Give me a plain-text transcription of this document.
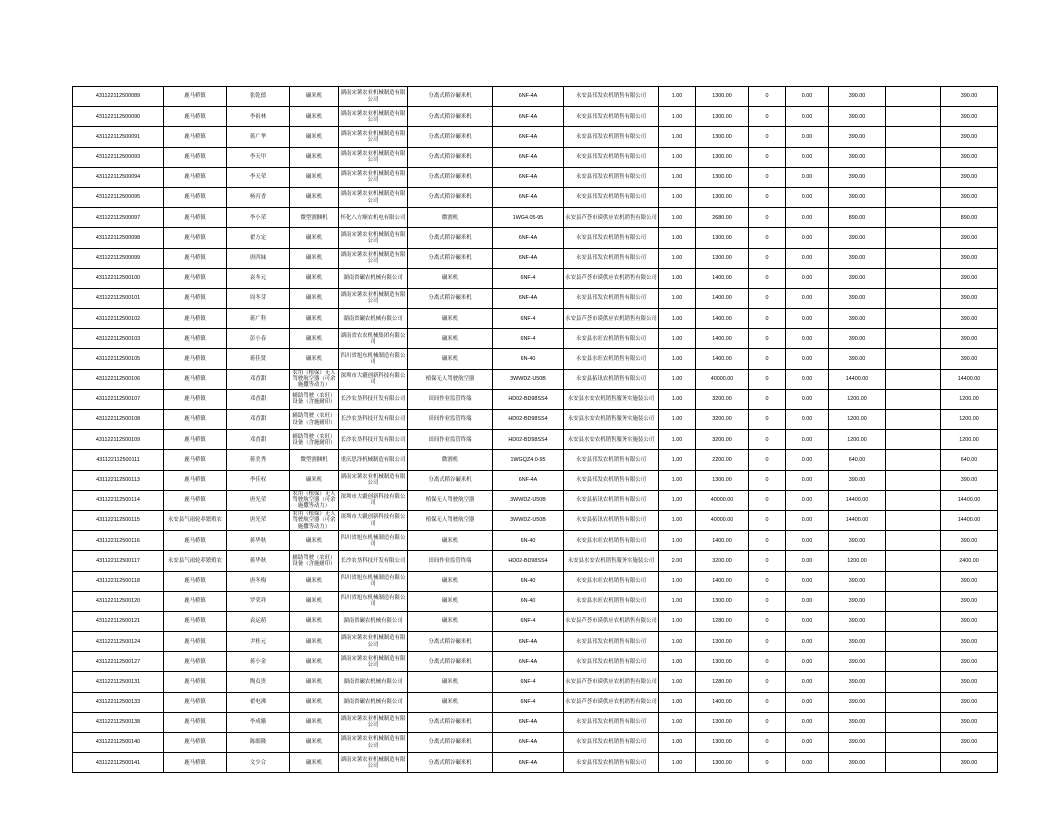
431122112500089	鹿马桥镇	张乾德	碾米机	湖南宋薯农业机械制造有限公司	分离式稻谷碾米机	6NF-4A	永安县邗发农机销售有限公司	1.00	1300.00	0	0.00	390.00		390.00
431122112500090	鹿马桥镇	李祖林	碾米机	湖南宋薯农业机械制造有限公司	分离式稻谷碾米机	6NF-4A	永安县邗发农机销售有限公司	1.00	1300.00	0	0.00	390.00		390.00
431122112500091	鹿马桥镇	蒋广华	碾米机	湖南宋薯农业机械制造有限公司	分离式稻谷碾米机	6NF-4A	永安县邗发农机销售有限公司	1.00	1300.00	0	0.00	390.00		390.00
431122112500093	鹿马桥镇	李天甲	碾米机	湖南宋薯农业机械制造有限公司	分离式稻谷碾米机	6NF-4A	永安县邗发农机销售有限公司	1.00	1300.00	0	0.00	390.00		390.00
431122112500094	鹿马桥镇	李天荣	碾米机	湖南宋薯农业机械制造有限公司	分离式稻谷碾米机	6NF-4A	永安县邗发农机销售有限公司	1.00	1300.00	0	0.00	390.00		390.00
431122112500095	鹿马桥镇	杨丙香	碾米机	湖南宋薯农业机械制造有限公司	分离式稻谷碾米机	6NF-4A	永安县邗发农机销售有限公司	1.00	1300.00	0	0.00	390.00		390.00
431122112500097	鹿马桥镇	李小荣	微型割捆机	怀化八方顺农机电有限公司	微割机	1WG4.05-95	永安县芦荟市谟供应农机销售有限公司	1.00	2680.00	0	0.00	890.00		890.00
431122112500098	鹿马桥镇	翟方定	碾米机	湖南宋薯农业机械制造有限公司	分离式稻谷碾米机	6NF-4A	永安县邗发农机销售有限公司	1.00	1300.00	0	0.00	390.00		390.00
431122112500099	鹿马桥镇	唐四妹	碾米机	湖南宋薯农业机械制造有限公司	分离式稻谷碾米机	6NF-4A	永安县邗发农机销售有限公司	1.00	1300.00	0	0.00	390.00		390.00
431122112500100	鹿马桥镇	袁冬元	碾米机	湖南省碾农机械有限公司	碾米机	6NF-4	永安县芦荟市谟供应农机销售有限公司	1.00	1400.00	0	0.00	390.00		390.00
431122112500101	鹿马桥镇	周冬芽	碾米机	湖南宋薯农业机械制造有限公司	分离式稻谷碾米机	6NF-4A	永安县邗发农机销售有限公司	1.00	1400.00	0	0.00	390.00		390.00
431122112500102	鹿马桥镇	蒋广科	碾米机	湖南省碾农机械有限公司	碾米机	6NF-4	永安县芦荟市谟供应农机销售有限公司	1.00	1400.00	0	0.00	390.00		390.00
431122112500103	鹿马桥镇	彭小春	碾米机	湖南省农农机械集团有限公司	碾米机	6NF-4	永安县水旺农机销售有限公司	1.00	1400.00	0	0.00	390.00		390.00
431122112500105	鹿马桥镇	蒋佳贤	碾米机	四川省旭东机械制造有限公司	碾米机	6N-40	永安县水旺农机销售有限公司	1.00	1400.00	0	0.00	390.00		390.00
431122112500106	鹿马桥镇	邓香甜	农用（植保）无人驾驶航空器（可余施撒等动力）	深圳市大疆创新科技有限公司	植保无人驾驶航空器	3WWDZ-U50B	永安县拓讯农机销售有限公司	1.00	40000.00	0	0.00	14400.00		14400.00
431122112500107	鹿马桥镇	邓香甜	辅助驾驶（农旺）设备（含施耐印）	长沙农垦科技开发有限公司	田间作业监管终端	HD02-BD98SS4	永安县水安农机销售服务实施装公司	1.00	3200.00	0	0.00	1200.00		1200.00
431122112500108	鹿马桥镇	邓香甜	辅助驾驶（农旺）设备（含施耐印）	长沙农垦科技开发有限公司	田间作业监管终端	HD02-BD98SS4	永安县水安农机销售服务实施装公司	1.00	3200.00	0	0.00	1200.00		1200.00
431122112500109	鹿马桥镇	邓香甜	辅助驾驶（农旺）设备（含施耐印）	长沙农垦科技开发有限公司	田间作业监管终端	HD02-BD98SS4	永安县水安农机销售服务实施装公司	1.00	3200.00	0	0.00	1200.00		1200.00
431122112500111	鹿马桥镇	蒋美秀	微型割捆机	重庆思泽机械制造有限公司	微割机	1WGQZ4.0-95	永安县邗发农机销售有限公司	1.00	2200.00	0	0.00	640.00		640.00
431122112500113	鹿马桥镇	李佳权	碾米机	湖南宋薯农业机械制造有限公司	分离式稻谷碾米机	6NF-4A	永安县邗发农机销售有限公司	1.00	1300.00	0	0.00	390.00		390.00
431122112500114	鹿马桥镇	唐光荣	农用（植保）无人驾驶航空器（可余施撒等动力）	深圳市大疆创新科技有限公司	植保无人驾驶航空器	3WWDZ-U50B	永安县拓讯农机销售有限公司	1.00	40000.00	0	0.00	14400.00		14400.00
431122112500115	永安县气雨轮养繁殖农	唐光荣	农用（植保）无人驾驶航空器（可余施撒等动力）	深圳市大疆创新科技有限公司	植保无人驾驶航空器	3WWDZ-U50B	永安县拓讯农机销售有限公司	1.00	40000.00	0	0.00	14400.00		14400.00
431122112500116	鹿马桥镇	蒋华秋	碾米机	四川省旭东机械制造有限公司	碾米机	6N-40	永安县水旺农机销售有限公司	1.00	1400.00	0	0.00	390.00		390.00
431122112500117	永安县气雨轮养繁殖农	蒋华秋	辅助驾驶（农旺）设备（含施耐印）	长沙农垦科技开发有限公司	田间作业监管终端	HD02-BD98SS4	永安县水安农机销售服务实施装公司	2.00	3200.00	0	0.00	1200.00		2400.00
431122112500118	鹿马桥镇	唐冬梅	碾米机	四川省旭东机械制造有限公司	碾米机	6N-40	永安县水旺农机销售有限公司	1.00	1400.00	0	0.00	390.00		390.00
431122112500120	鹿马桥镇	罗荣祥	碾米机	四川省旭东机械制造有限公司	碾米机	6N-40	永安县水旺农机销售有限公司	1.00	1300.00	0	0.00	390.00		390.00
431122112500121	鹿马桥镇	袁运萌	碾米机	湖南省碾农机械有限公司	碾米机	6NF-4	永安县芦荟市谟供应农机销售有限公司	1.00	1280.00	0	0.00	390.00		390.00
431122112500124	鹿马桥镇	尹桂元	碾米机	湖南宋薯农业机械制造有限公司	分离式稻谷碾米机	6NF-4A	永安县邗发农机销售有限公司	1.00	1300.00	0	0.00	390.00		390.00
431122112500127	鹿马桥镇	蒋小金	碾米机	湖南宋薯农业机械制造有限公司	分离式稻谷碾米机	6NF-4A	永安县邗发农机销售有限公司	1.00	1300.00	0	0.00	390.00		390.00
431122112500131	鹿马桥镇	陶贞贵	碾米机	湖南省碾农机械有限公司	碾米机	6NF-4	永安县芦荟市谟供应农机销售有限公司	1.00	1280.00	0	0.00	390.00		390.00
431122112500133	鹿马桥镇	翟电沸	碾米机	湖南省碾农机械有限公司	碾米机	6NF-4	永安县芦荟市谟供应农机销售有限公司	1.00	1400.00	0	0.00	390.00		390.00
431122112500138	鹿马桥镇	李成娥	碾米机	湖南宋薯农业机械制造有限公司	分离式稻谷碾米机	6NF-4A	永安县邗发农机销售有限公司	1.00	1300.00	0	0.00	390.00		390.00
431122112500140	鹿马桥镇	陈细隆	碾米机	湖南宋薯农业机械制造有限公司	分离式稻谷碾米机	6NF-4A	永安县邗发农机销售有限公司	1.00	1300.00	0	0.00	390.00		390.00
431122112500141	鹿马桥镇	文少合	碾米机	湖南宋薯农业机械制造有限公司	分离式稻谷碾米机	6NF-4A	永安县邗发农机销售有限公司	1.00	1300.00	0	0.00	390.00		390.00
